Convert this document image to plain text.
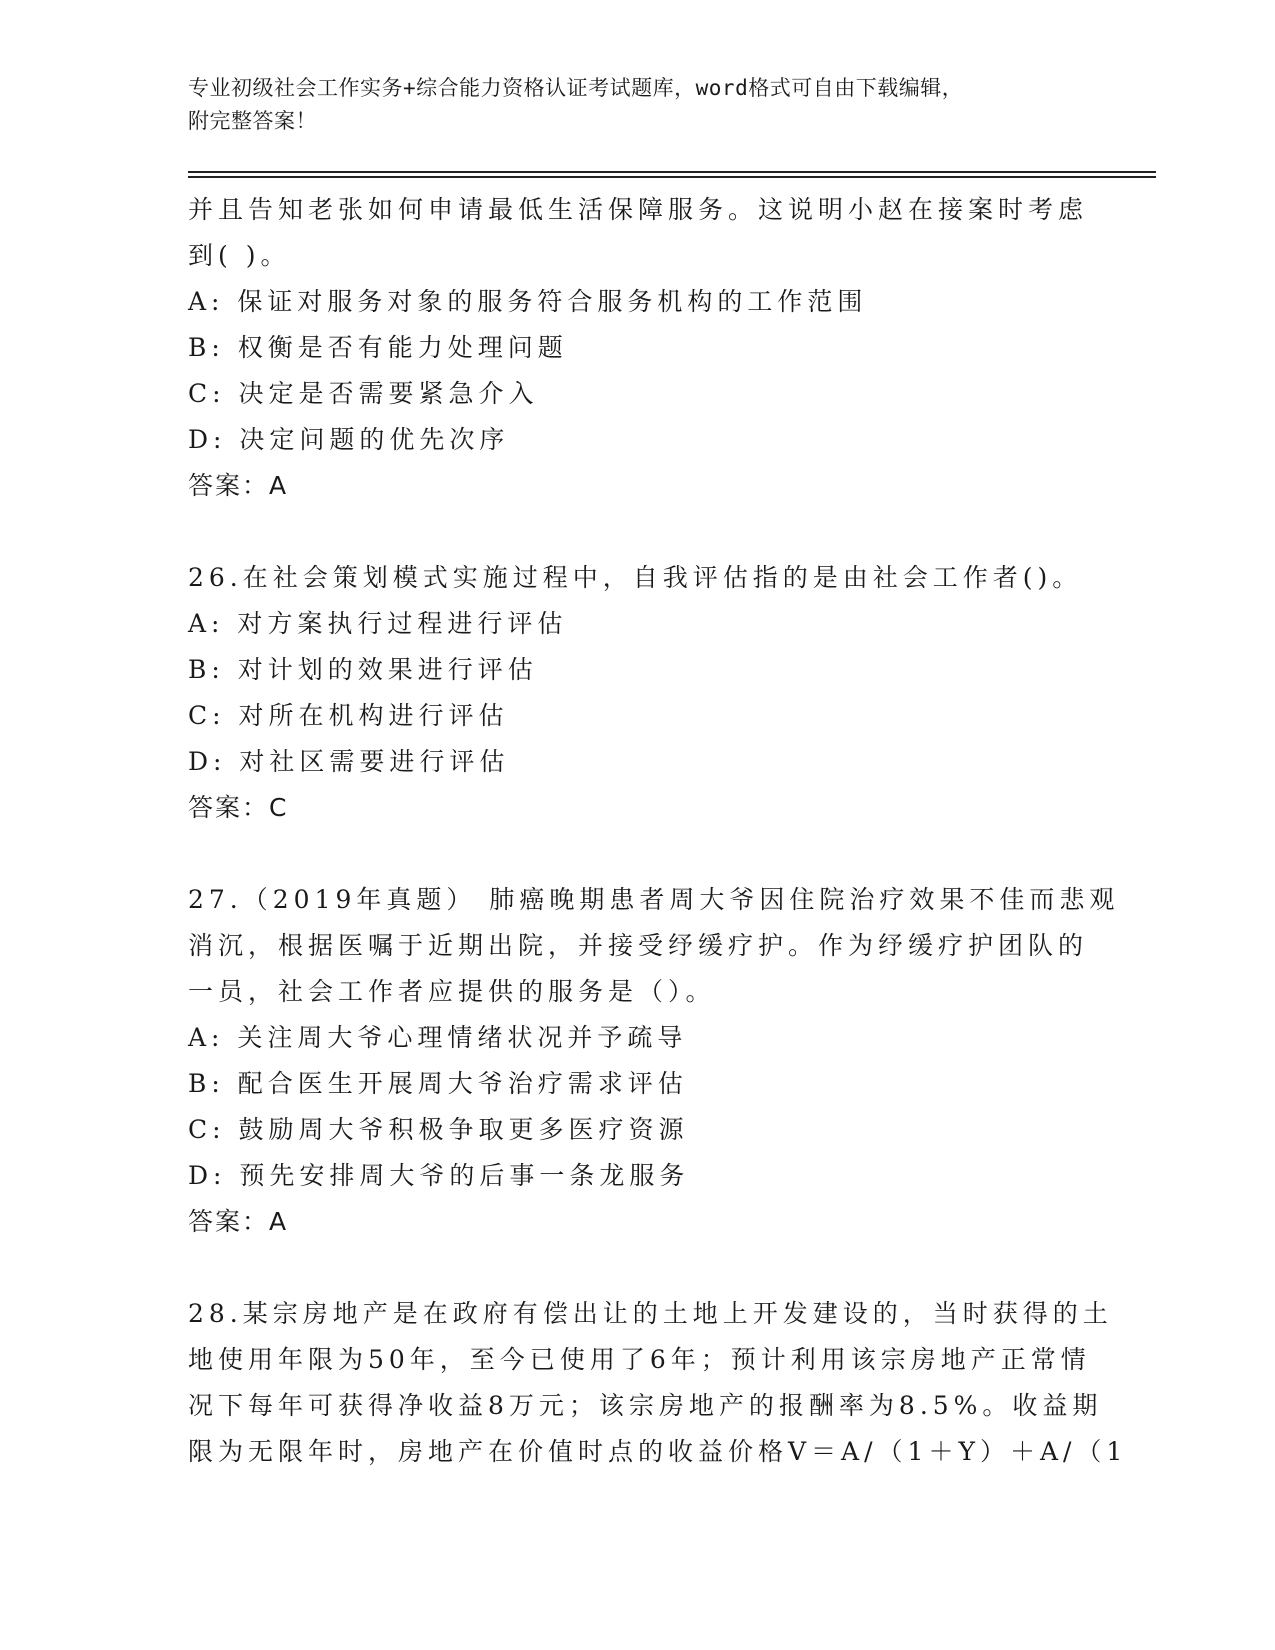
专业初级社会工作实务+综合能力资格认证考试题库，word格式可自由下载编辑，
附完整答案！
并且告知老张如何申请最低生活保障服务。这说明小赵在接案时考虑
到( )。
A: 保证对服务对象的服务符合服务机构的工作范围
B: 权衡是否有能力处理问题
C: 决定是否需要紧急介入
D: 决定问题的优先次序
答案：A
26.在社会策划模式实施过程中，自我评估指的是由社会工作者()。
A: 对方案执行过程进行评估
B: 对计划的效果进行评估
C: 对所在机构进行评估
D: 对社区需要进行评估
答案：C
27.（2019年真题） 肺癌晚期患者周大爷因住院治疗效果不佳而悲观
消沉，根据医嘱于近期出院，并接受纾缓疗护。作为纾缓疗护团队的
一员，社会工作者应提供的服务是（）。
A: 关注周大爷心理情绪状况并予疏导
B: 配合医生开展周大爷治疗需求评估
C: 鼓励周大爷积极争取更多医疗资源
D: 预先安排周大爷的后事一条龙服务
答案：A
28.某宗房地产是在政府有偿出让的土地上开发建设的，当时获得的土
地使用年限为50年，至今已使用了6年；预计利用该宗房地产正常情
况下每年可获得净收益8万元；该宗房地产的报酬率为8.5%。收益期
限为无限年时，房地产在价值时点的收益价格V＝A/（1＋Y）＋A/（1
